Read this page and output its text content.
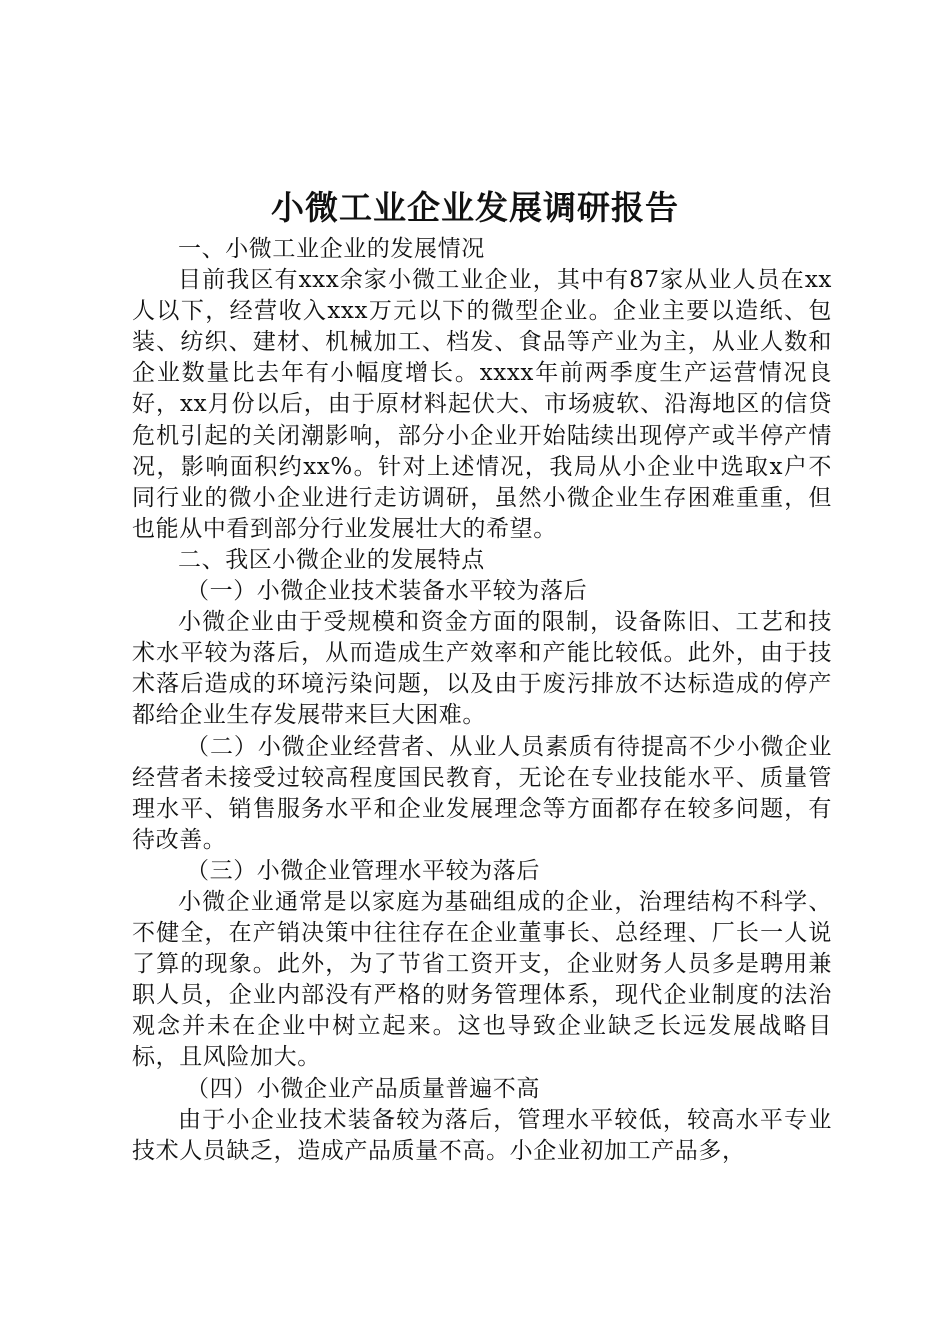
小微工业企业发展调研报告

一、小微工业企业的发展情况

目前我区有xxx余家小微工业企业，其中有87家从业人员在xx人以下，经营收入xxx万元以下的微型企业。企业主要以造纸、包装、纺织、建材、机械加工、档发、食品等产业为主，从业人数和企业数量比去年有小幅度增长。xxxx年前两季度生产运营情况良好，xx月份以后，由于原材料起伏大、市场疲软、沿海地区的信贷危机引起的关闭潮影响，部分小企业开始陆续出现停产或半停产情况，影响面积约xx%。针对上述情况，我局从小企业中选取x户不同行业的微小企业进行走访调研，虽然小微企业生存困难重重，但也能从中看到部分行业发展壮大的希望。

二、我区小微企业的发展特点

（一）小微企业技术装备水平较为落后

小微企业由于受规模和资金方面的限制，设备陈旧、工艺和技术水平较为落后，从而造成生产效率和产能比较低。此外，由于技术落后造成的环境污染问题，以及由于废污排放不达标造成的停产都给企业生存发展带来巨大困难。

（二）小微企业经营者、从业人员素质有待提高不少小微企业经营者未接受过较高程度国民教育，无论在专业技能水平、质量管理水平、销售服务水平和企业发展理念等方面都存在较多问题，有待改善。

（三）小微企业管理水平较为落后

小微企业通常是以家庭为基础组成的企业，治理结构不科学、不健全，在产销决策中往往存在企业董事长、总经理、厂长一人说了算的现象。此外，为了节省工资开支，企业财务人员多是聘用兼职人员，企业内部没有严格的财务管理体系，现代企业制度的法治观念并未在企业中树立起来。这也导致企业缺乏长远发展战略目标，且风险加大。

（四）小微企业产品质量普遍不高

由于小企业技术装备较为落后，管理水平较低，较高水平专业技术人员缺乏，造成产品质量不高。小企业初加工产品多，
